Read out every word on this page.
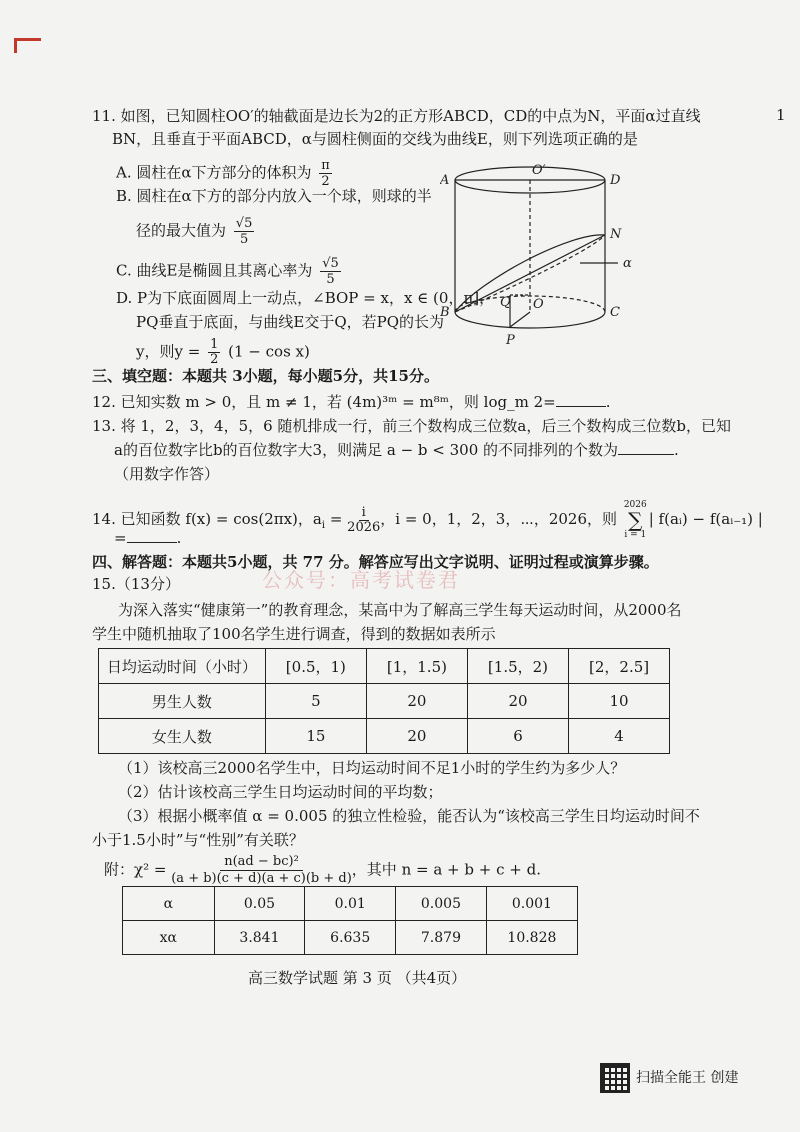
1
11. 如图，已知圆柱OO′的轴截面是边长为2的正方形ABCD，CD的中点为N，平面α过直线
BN，且垂直于平面ABCD，α与圆柱侧面的交线为曲线E，则下列选项正确的是
A. 圆柱在α下方部分的体积为 $\frac{\pi}{2}$
B. 圆柱在α下方的部分内放入一个球，则球的半
径的最大值为 $\frac{√5}{5}$
C. 曲线E是椭圆且其离心率为 $\frac{√5}{5}$
D. P为下底面圆周上一动点，∠BOP = x，x ∈ (0，π]，
PQ垂直于底面，与曲线E交于Q，若PQ的长为
y，则$y = \frac{1}{2} (1 - \cos x)$
A	D
O′
N
α
B	C
O
Q
P
三、填空题：本题共 3小题，每小题5分，共15分。
12. 已知实数 m > 0，且 m ≠ 1，若 (4m)³ᵐ = m⁸ᵐ，则 log_m 2=	.
13. 将 1，2，3，4，5，6 随机排成一行，前三个数构成三位数a，后三个数构成三位数b，已知
a的百位数字比b的百位数字大3，则满足 a − b < 300 的不同排列的个数为	.
（用数字作答）
14. 已知函数 f(x) = cos(2πx)，$a_i = \frac{i}{2026}$ ，i = 0，1，2，3，⋯，2026，则
2026
∑
i = 1
| f(aᵢ) − f(aᵢ₋₁) |
=	.
四、解答题：本题共5小题，共 77 分。解答应写出文字说明、证明过程或演算步骤。
公众号：高考试卷君
15.（13分）
为深入落实“健康第一”的教育理念，某高中为了解高三学生每天运动时间，从2000名
学生中随机抽取了100名学生进行调查，得到的数据如表所示
日均运动时间（小时）	[0.5，1)	[1，1.5)	[1.5，2)	[2，2.5]
男生人数	5	20	20	10
女生人数	15	20	6	4
（1）该校高三2000名学生中，日均运动时间不足1小时的学生约为多少人？
（2）估计该校高三学生日均运动时间的平均数；
（3）根据小概率值 α = 0.005 的独立性检验，能否认为“该校高三学生日均运动时间不
小于1.5小时”与“性别”有关联？
附：$\chi^2 = \frac{\text{n(ad − bc)²}}{(a + b)(c + d)(a + c)(b + d)}$ ，其中 n = a + b + c + d.
α	0.05	0.01	0.005	0.001
xα	3.841	6.635	7.879	10.828
高三数学试题 第 3 页 （共4页）
扫描全能王 创建
